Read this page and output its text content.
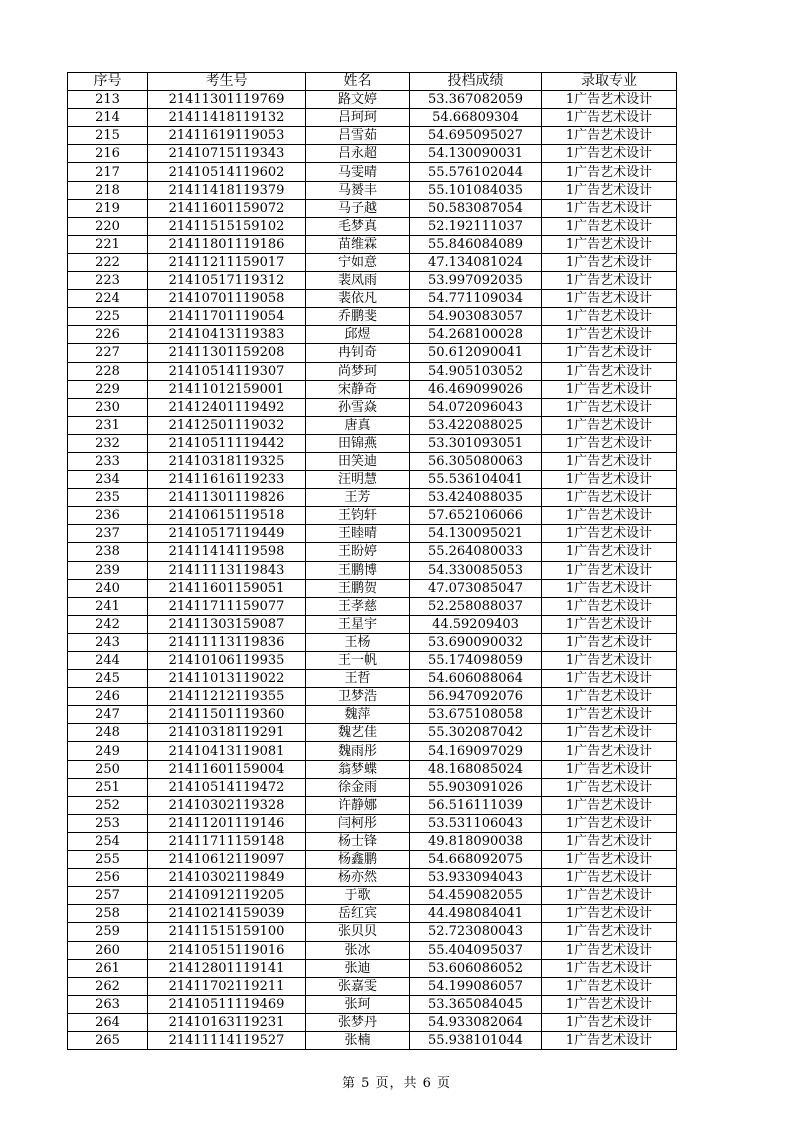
序号	考生号	姓名	投档成绩	录取专业
213	21411301119769	路文婷	53.367082059	1广告艺术设计
214	21411418119132	吕珂珂	54.66809304	1广告艺术设计
215	21411619119053	吕雪茹	54.695095027	1广告艺术设计
216	21410715119343	吕永超	54.130090031	1广告艺术设计
217	21410514119602	马雯晴	55.576102044	1广告艺术设计
218	21411418119379	马赟丰	55.101084035	1广告艺术设计
219	21411601159072	马子越	50.583087054	1广告艺术设计
220	21411515159102	毛梦真	52.192111037	1广告艺术设计
221	21411801119186	苗维霖	55.846084089	1广告艺术设计
222	21411211159017	宁如意	47.134081024	1广告艺术设计
223	21410517119312	裴凤雨	53.997092035	1广告艺术设计
224	21410701119058	裴依凡	54.771109034	1广告艺术设计
225	21411701119054	乔鹏斐	54.903083057	1广告艺术设计
226	21410413119383	邱煜	54.268100028	1广告艺术设计
227	21411301159208	冉钊奇	50.612090041	1广告艺术设计
228	21410514119307	尚梦珂	54.905103052	1广告艺术设计
229	21411012159001	宋静奇	46.469099026	1广告艺术设计
230	21412401119492	孙雪焱	54.072096043	1广告艺术设计
231	21412501119032	唐真	53.422088025	1广告艺术设计
232	21410511119442	田锦燕	53.301093051	1广告艺术设计
233	21410318119325	田笑迪	56.305080063	1广告艺术设计
234	21411616119233	汪明慧	55.536104041	1广告艺术设计
235	21411301119826	王芳	53.424088035	1广告艺术设计
236	21410615119518	王钧轩	57.652106066	1广告艺术设计
237	21410517119449	王睦晴	54.130095021	1广告艺术设计
238	21411414119598	王盼婷	55.264080033	1广告艺术设计
239	21411113119843	王鹏博	54.330085053	1广告艺术设计
240	21411601159051	王鹏贺	47.073085047	1广告艺术设计
241	21411711159077	王孝慈	52.258088037	1广告艺术设计
242	21411303159087	王星宇	44.59209403	1广告艺术设计
243	21411113119836	王杨	53.690090032	1广告艺术设计
244	21410106119935	王一帆	55.174098059	1广告艺术设计
245	21411013119022	王哲	54.606088064	1广告艺术设计
246	21411212119355	卫梦浩	56.947092076	1广告艺术设计
247	21411501119360	魏萍	53.675108058	1广告艺术设计
248	21410318119291	魏艺佳	55.302087042	1广告艺术设计
249	21410413119081	魏雨彤	54.169097029	1广告艺术设计
250	21411601159004	翁梦蝶	48.168085024	1广告艺术设计
251	21410514119472	徐金雨	55.903091026	1广告艺术设计
252	21410302119328	许静娜	56.516111039	1广告艺术设计
253	21411201119146	闫柯彤	53.531106043	1广告艺术设计
254	21411711159148	杨士锋	49.818090038	1广告艺术设计
255	21410612119097	杨鑫鹏	54.668092075	1广告艺术设计
256	21410302119849	杨亦然	53.933094043	1广告艺术设计
257	21410912119205	于歌	54.459082055	1广告艺术设计
258	21410214159039	岳红宾	44.498084041	1广告艺术设计
259	21411515159100	张贝贝	52.723080043	1广告艺术设计
260	21410515119016	张冰	55.404095037	1广告艺术设计
261	21412801119141	张迪	53.606086052	1广告艺术设计
262	21411702119211	张嘉雯	54.199086057	1广告艺术设计
263	21410511119469	张珂	53.365084045	1广告艺术设计
264	21410163119231	张梦丹	54.933082064	1广告艺术设计
265	21411114119527	张楠	55.938101044	1广告艺术设计
第 5 页，共 6 页
